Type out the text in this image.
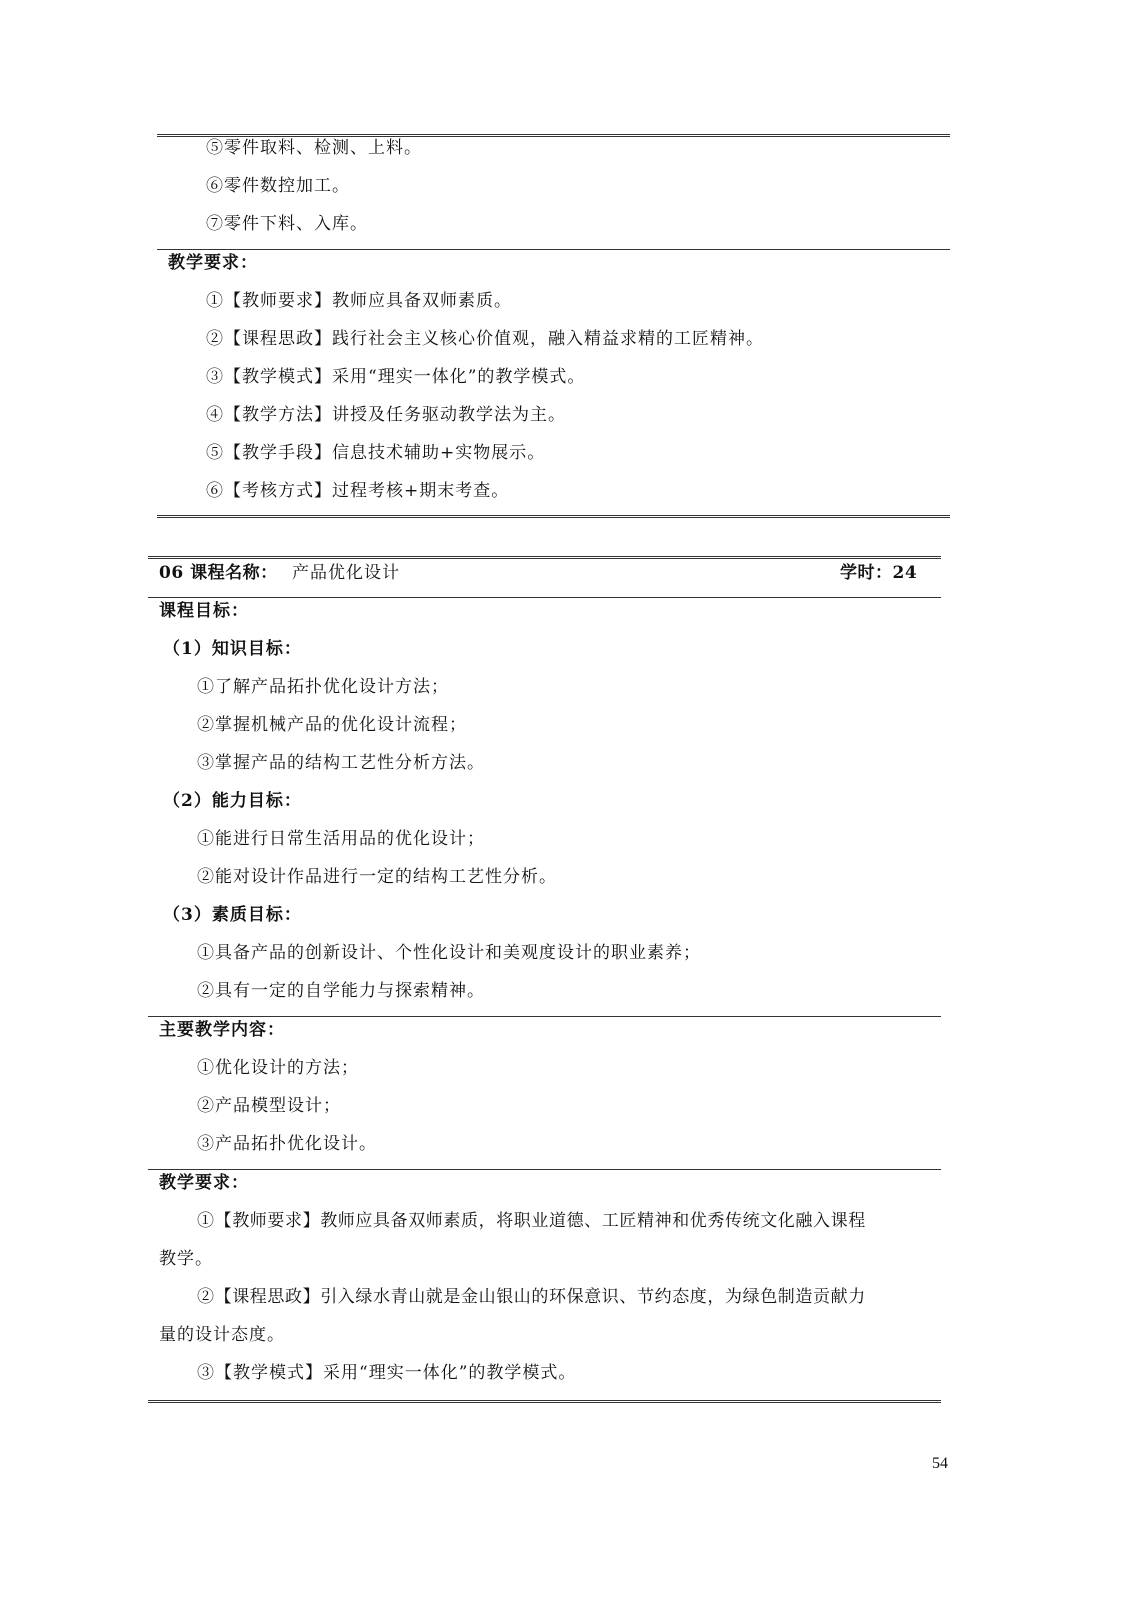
⑤零件取料、检测、上料。
⑥零件数控加工。
⑦零件下料、入库。
教学要求：
①【教师要求】教师应具备双师素质。
②【课程思政】践行社会主义核心价值观，融入精益求精的工匠精神。
③【教学模式】采用“理实一体化”的教学模式。
④【教学方法】讲授及任务驱动教学法为主。
⑤【教学手段】信息技术辅助+实物展示。
⑥【考核方式】过程考核+期末考查。
06 课程名称： 产品优化设计	学时：24
课程目标：
（1）知识目标：
①了解产品拓扑优化设计方法；
②掌握机械产品的优化设计流程；
③掌握产品的结构工艺性分析方法。
（2）能力目标：
①能进行日常生活用品的优化设计；
②能对设计作品进行一定的结构工艺性分析。
（3）素质目标：
①具备产品的创新设计、个性化设计和美观度设计的职业素养；
②具有一定的自学能力与探索精神。
主要教学内容：
①优化设计的方法；
②产品模型设计；
③产品拓扑优化设计。
教学要求：
①【教师要求】教师应具备双师素质，将职业道德、工匠精神和优秀传统文化融入课程
教学。
②【课程思政】引入绿水青山就是金山银山的环保意识、节约态度，为绿色制造贡献力
量的设计态度。
③【教学模式】采用“理实一体化”的教学模式。
54
